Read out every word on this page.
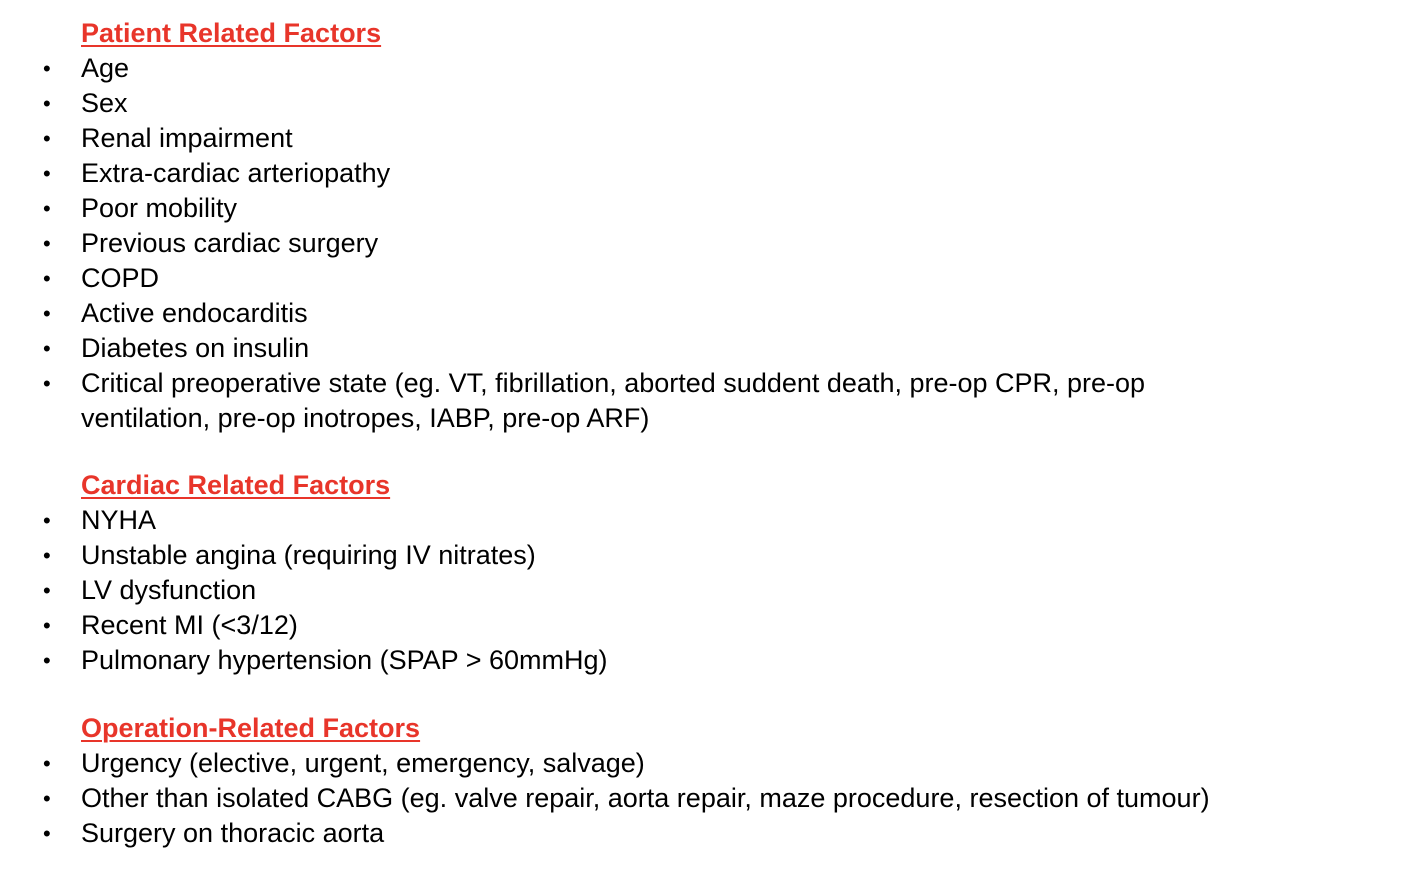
Patient Related Factors
• Age
• Sex
• Renal impairment
• Extra-cardiac arteriopathy
• Poor mobility
• Previous cardiac surgery
• COPD
• Active endocarditis
• Diabetes on insulin
• Critical preoperative state (eg. VT, fibrillation, aborted suddent death, pre-op CPR, pre-op ventilation, pre-op inotropes, IABP, pre-op ARF)
Cardiac Related Factors
• NYHA
• Unstable angina (requiring IV nitrates)
• LV dysfunction
• Recent MI (<3/12)
• Pulmonary hypertension (SPAP > 60mmHg)
Operation-Related Factors
• Urgency (elective, urgent, emergency, salvage)
• Other than isolated CABG (eg. valve repair, aorta repair, maze procedure, resection of tumour)
• Surgery on thoracic aorta
